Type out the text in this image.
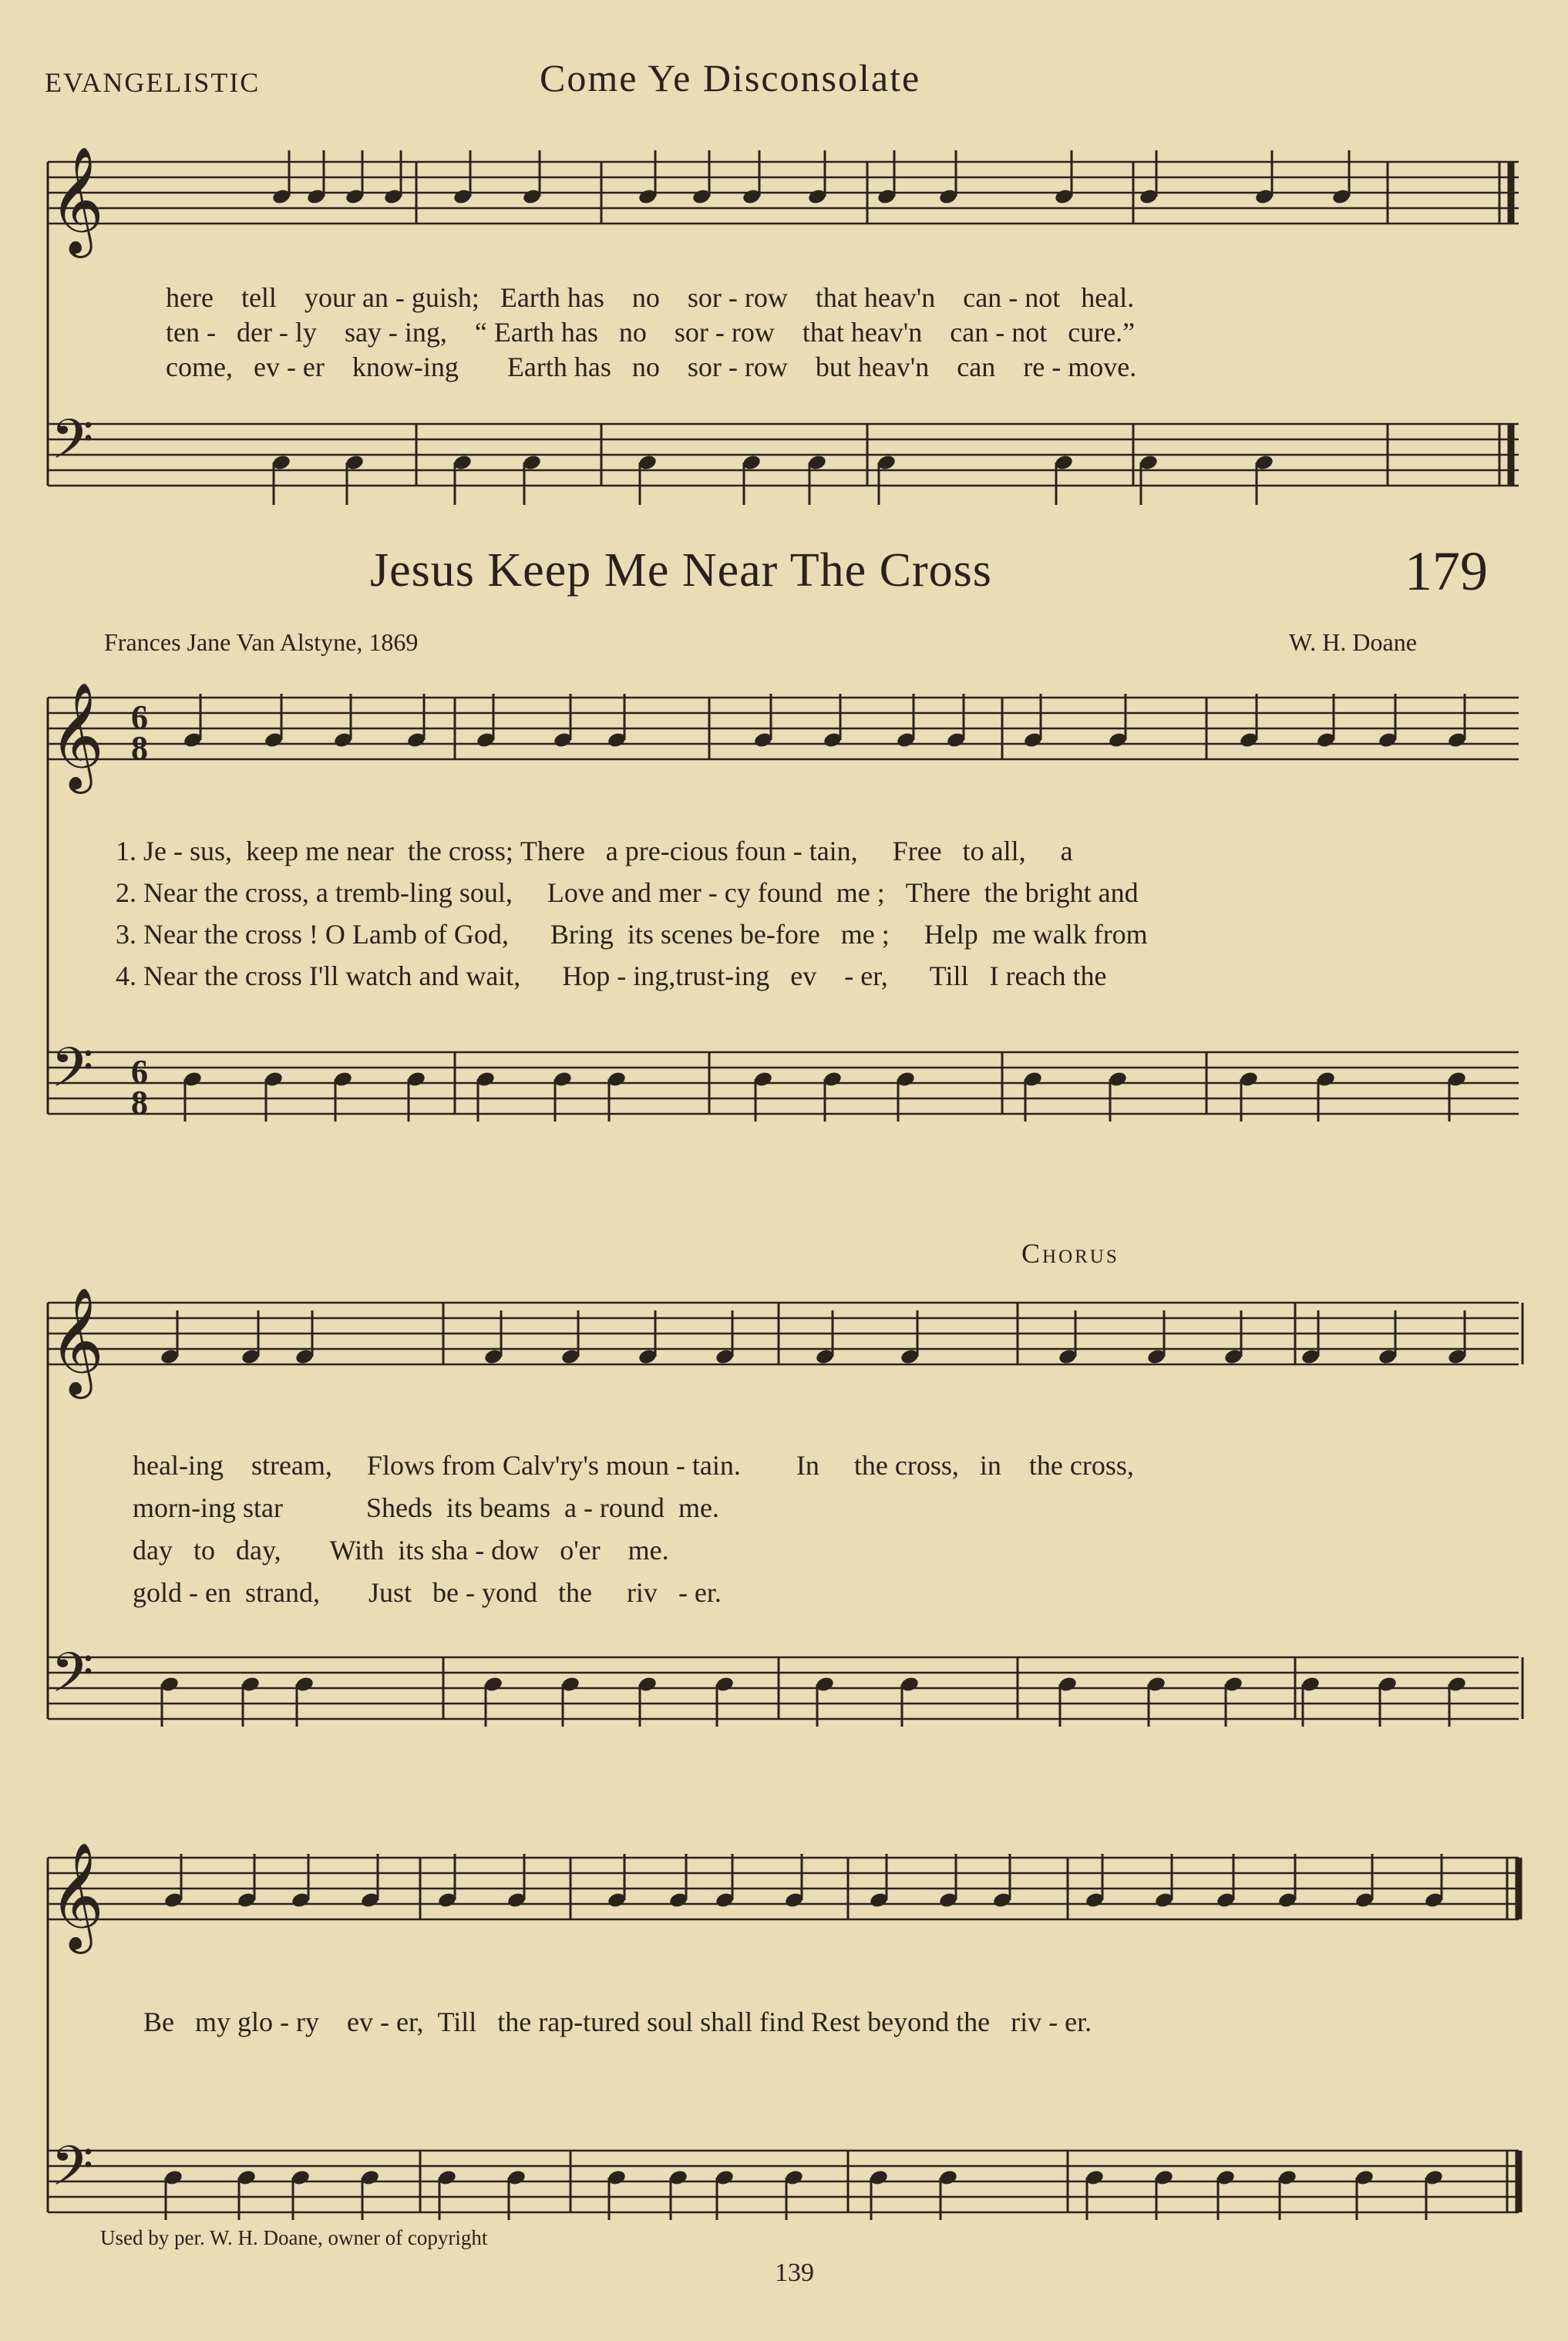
EVANGELISTIC	Come Ye Disconsolate
𝄞
𝄢
𝄞
𝄢
6
8
6
8
𝄞
𝄢
𝄞
𝄢
here tell your an - guish; Earth has no sor - row that heav'n can - not heal.
ten - der - ly say - ing, “ Earth has no sor - row that heav'n can - not cure.”
come, ev - er know-ing Earth has no sor - row but heav'n can re - move.
Jesus Keep Me Near The Cross	179
Frances Jane Van Alstyne, 1869	W. H. Doane
1. Je - sus, keep me near the cross; There a pre-cious foun - tain, Free to all, a
2. Near the cross, a tremb-ling soul, Love and mer - cy found me ; There the bright and
3. Near the cross ! O Lamb of God, Bring its scenes be-fore me ; Help me walk from
4. Near the cross I'll watch and wait, Hop - ing,trust-ing ev - er, Till I reach the
Chorus
heal-ing stream, Flows from Calv'ry's moun - tain. In the cross, in the cross,
morn-ing star	Sheds its beams a - round me.
day to day, With its sha - dow o'er me.
gold - en strand, Just be - yond the riv - er.
Be my glo - ry ev - er, Till the rap-tured soul shall find Rest beyond the riv - er.
Used by per. W. H. Doane, owner of copyright
139
